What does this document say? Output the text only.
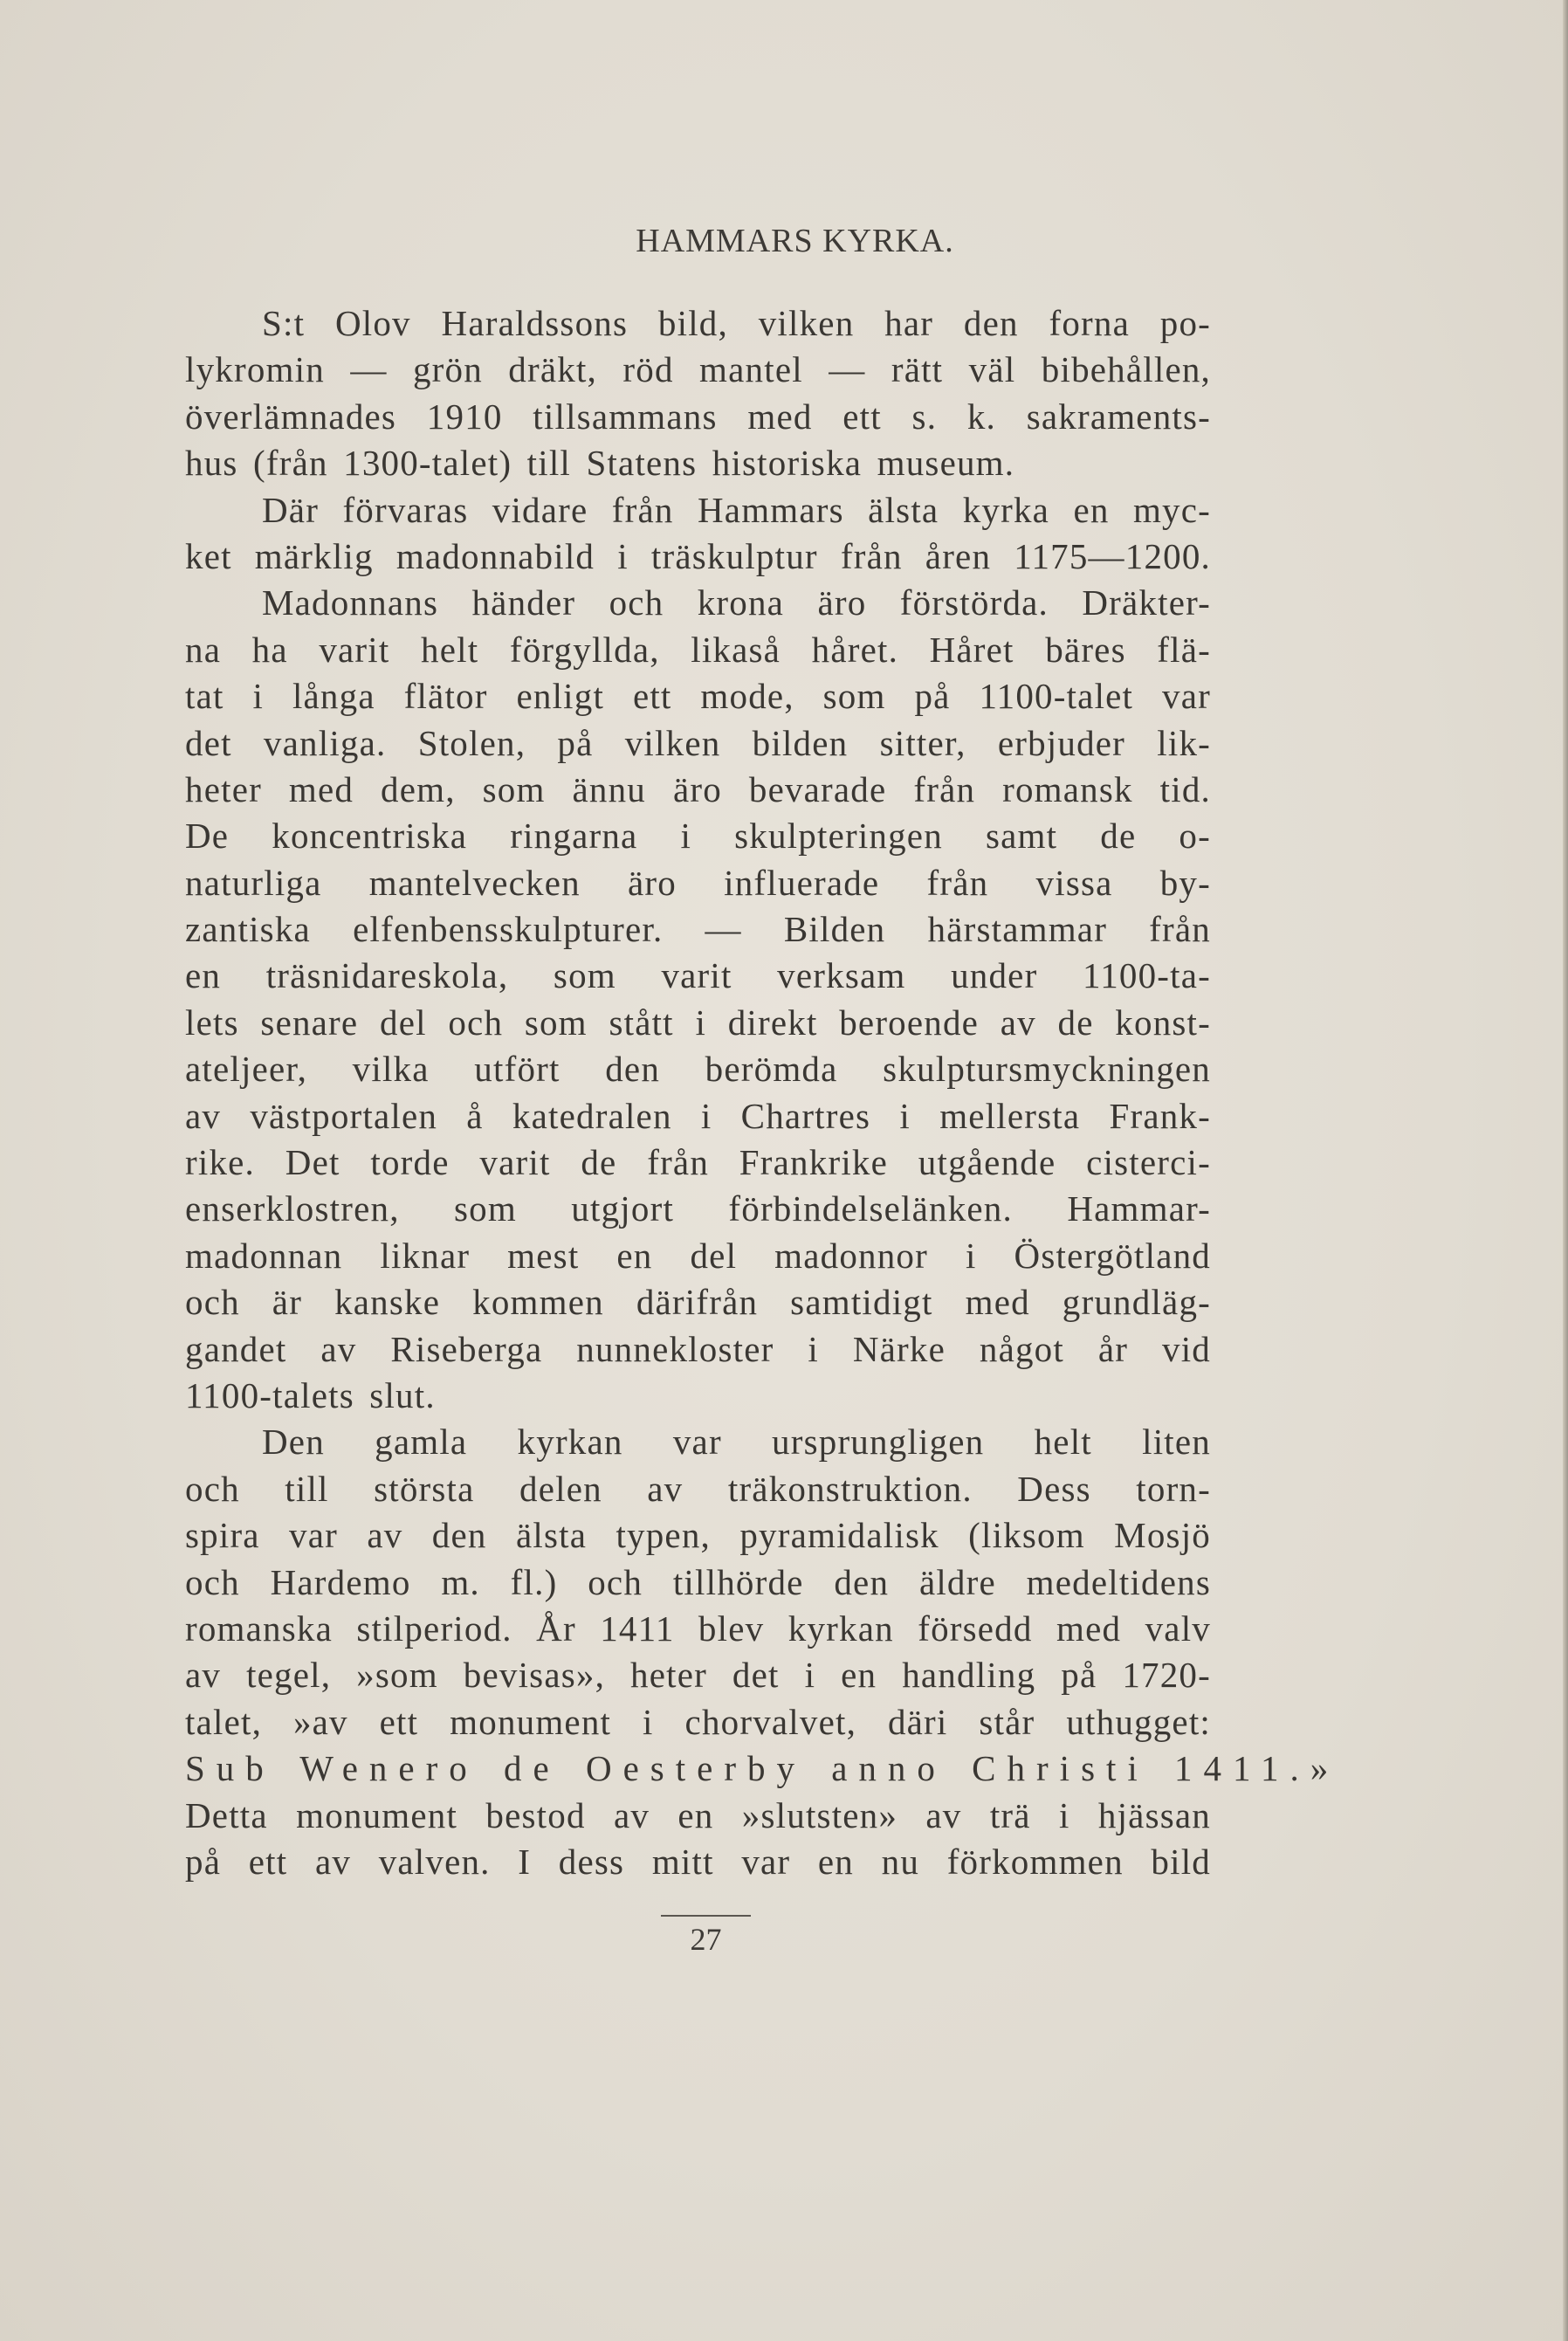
HAMMARS KYRKA.
S:t Olov Haraldssons bild, vilken har den forna po-
lykromin — grön dräkt, röd mantel — rätt väl bibehållen,
överlämnades 1910 tillsammans med ett s. k. sakraments-
hus (från 1300-talet) till Statens historiska museum.
Där förvaras vidare från Hammars älsta kyrka en myc-
ket märklig madonnabild i träskulptur från åren 1175—1200.
Madonnans händer och krona äro förstörda. Dräkter-
na ha varit helt förgyllda, likaså håret. Håret bäres flä-
tat i långa flätor enligt ett mode, som på 1100-talet var
det vanliga. Stolen, på vilken bilden sitter, erbjuder lik-
heter med dem, som ännu äro bevarade från romansk tid.
De koncentriska ringarna i skulpteringen samt de o-
naturliga mantelvecken äro influerade från vissa by-
zantiska elfenbensskulpturer. — Bilden härstammar från
en träsnidareskola, som varit verksam under 1100-ta-
lets senare del och som stått i direkt beroende av de konst-
ateljeer, vilka utfört den berömda skulptursmyckningen
av västportalen å katedralen i Chartres i mellersta Frank-
rike. Det torde varit de från Frankrike utgående cisterci-
enserklostren, som utgjort förbindelselänken. Hammar-
madonnan liknar mest en del madonnor i Östergötland
och är kanske kommen därifrån samtidigt med grundläg-
gandet av Riseberga nunnekloster i Närke något år vid
1100-talets slut.
Den gamla kyrkan var ursprungligen helt liten
och till största delen av träkonstruktion. Dess torn-
spira var av den älsta typen, pyramidalisk (liksom Mosjö
och Hardemo m. fl.) och tillhörde den äldre medeltidens
romanska stilperiod. År 1411 blev kyrkan försedd med valv
av tegel, »som bevisas», heter det i en handling på 1720-
talet, »av ett monument i chorvalvet, däri står uthugget:
Sub Wenero de Oesterby anno Christi 1411.»
Detta monument bestod av en »slutsten» av trä i hjässan
på ett av valven. I dess mitt var en nu förkommen bild
27
